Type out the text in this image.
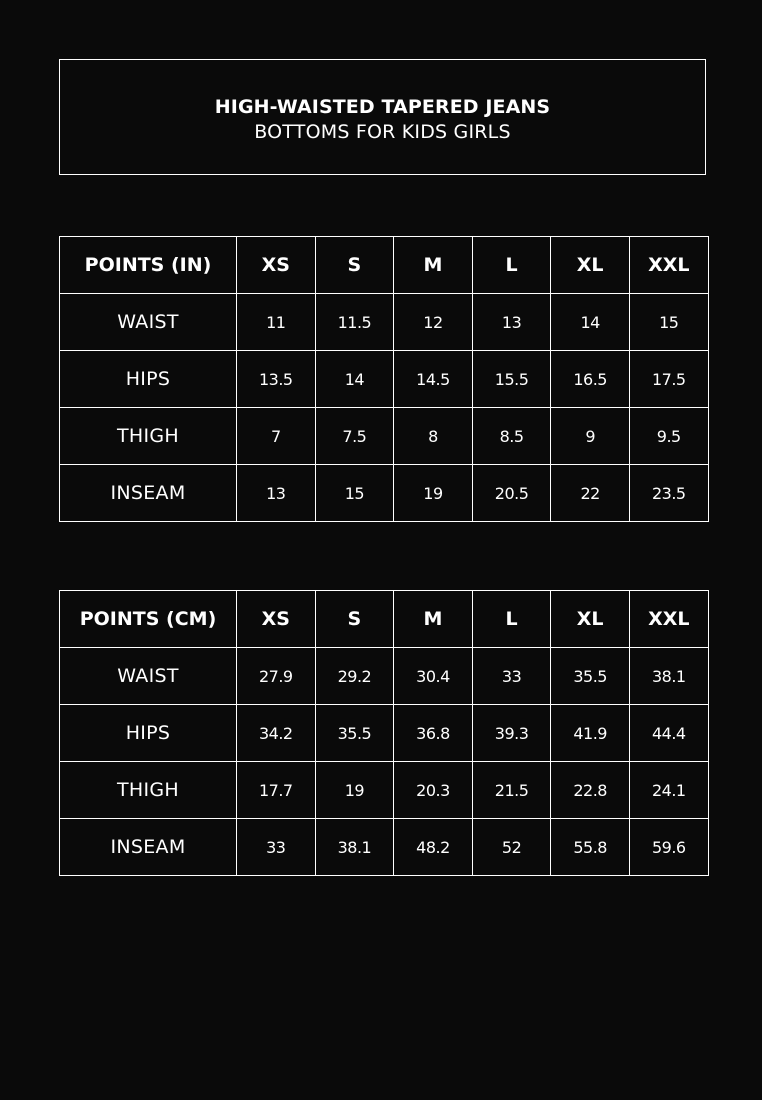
HIGH-WAISTED TAPERED JEANS
BOTTOMS FOR KIDS GIRLS
POINTS (IN)	XS	S	M	L	XL	XXL
WAIST	11	11.5	12	13	14	15
HIPS	13.5	14	14.5	15.5	16.5	17.5
THIGH	7	7.5	8	8.5	9	9.5
INSEAM	13	15	19	20.5	22	23.5
POINTS (CM)	XS	S	M	L	XL	XXL
WAIST	27.9	29.2	30.4	33	35.5	38.1
HIPS	34.2	35.5	36.8	39.3	41.9	44.4
THIGH	17.7	19	20.3	21.5	22.8	24.1
INSEAM	33	38.1	48.2	52	55.8	59.6
